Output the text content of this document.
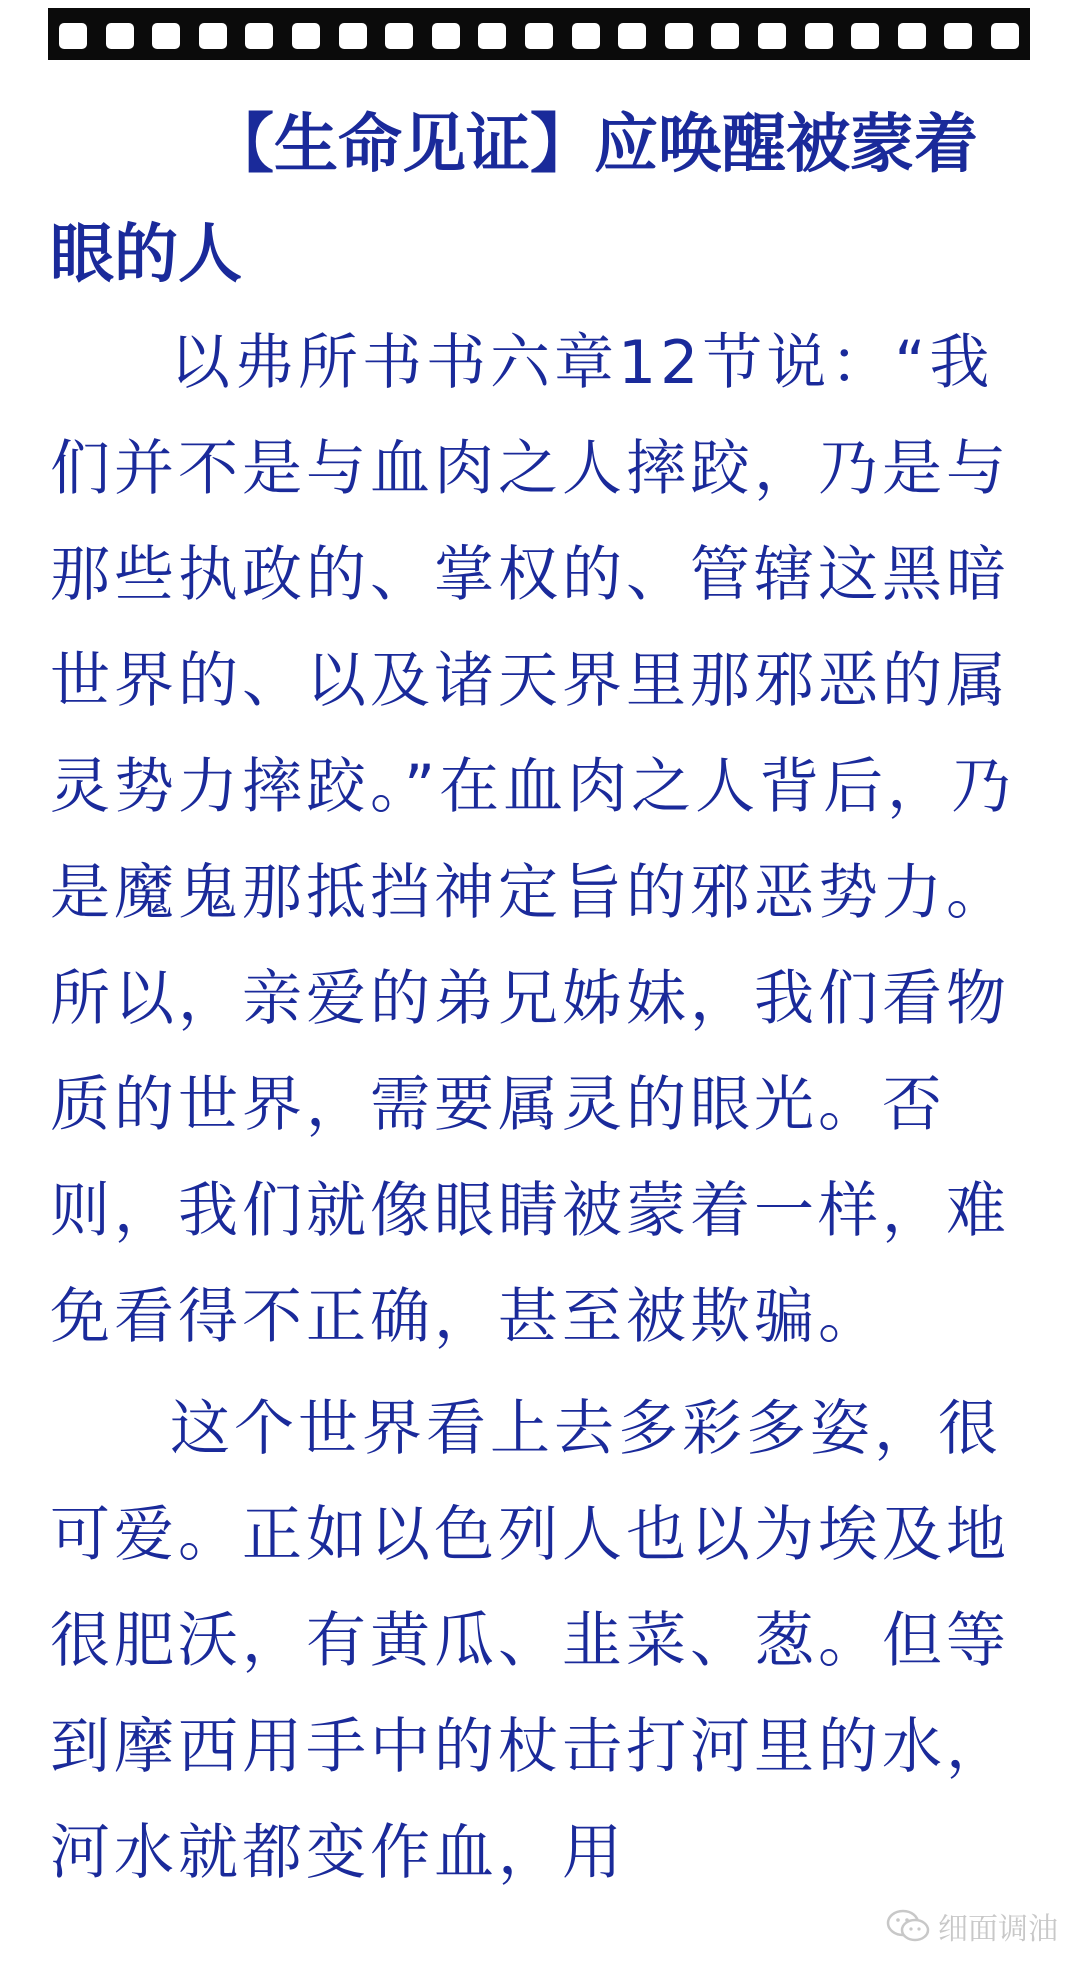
【生命见证】应唤醒被蒙着眼的人

以弗所书书六章12节说：“我们并不是与血肉之人摔跤，乃是与那些执政的、掌权的、管辖这黑暗世界的、以及诸天界里那邪恶的属灵势力摔跤。”在血肉之人背后，乃是魔鬼那抵挡神定旨的邪恶势力。所以，亲爱的弟兄姊妹，我们看物质的世界，需要属灵的眼光。否则，我们就像眼睛被蒙着一样，难免看得不正确，甚至被欺骗。

这个世界看上去多彩多姿，很可爱。正如以色列人也以为埃及地很肥沃，有黄瓜、韭菜、葱。但等到摩西用手中的杖击打河里的水，河水就都变作血，用

细面调油
